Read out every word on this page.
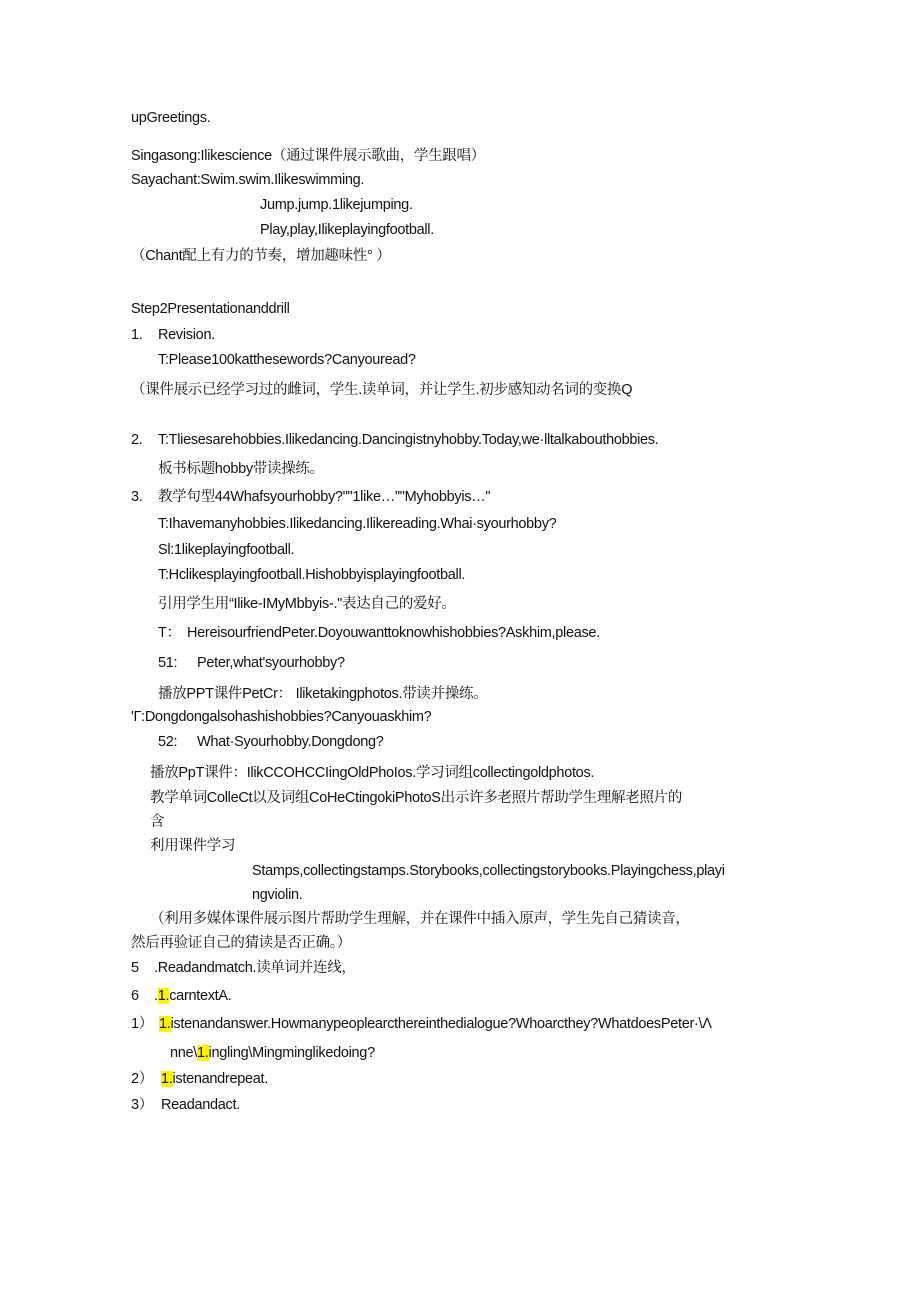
upGreetings.
Singasong:Ilikescience（通过课件展示歌曲，学生跟唱）
Sayachant:Swim.swim.Ilikeswimming.
Jump.jump.1likejumping.
Play,play,Ilikeplayingfootball.
（Chant配上有力的节奏，增加趣味性° ）
Step2Presentationanddrill
1. Revision.
T:Please100katthesewords?Canyouread?
（课件展示已经学习过的雌词，学生.读单词，并让学生.初步感知动名词的变换Q
2. T:Tliesesarehobbies.Ilikedancing.Dancingistnyhobby.Today,we·lltalkabouthobbies.
板书标题hobby带读操练。
3. 教学句型44Whafsyourhobby?""1like…""Myhobbyis…"
T:Ihavemanyhobbies.Ilikedancing.Ilikereading.Whai·syourhobby?
Sl:1likeplayingfootball.
T:Hclikesplayingfootball.Hishobbyisplayingfootball.
引用学生用“Ilike-IMyMbbyis-."表达自己的爱好。
T： HereisourfriendPeter.Doyouwanttoknowhishobbies?Askhim,please.
51: Peter,what'syourhobby?
播放PPT课件PetCr： Iliketakingphotos.带读并操练。
'Γ:Dongdongalsohashishobbies?Canyouaskhim?
52: What·Syourhobby.Dongdong?
播放PpT课件：IlikCCOHCCIingOldPhoIos.学习词组collectingoldphotos.
教学单词ColleCt以及词组CoHeCtingokiPhotoS出示许多老照片帮助学生理解老照片的
含
利用课件学习
Stamps,collectingstamps.Storybooks,collectingstorybooks.Playingchess,playi
ngviolin.
（利用多媒体课件展示图片帮助学生理解，并在课件中插入原声，学生先自己猜读音，
然后再验证自己的猜读是否正确。）
5 .Readandmatch.读单词并连线，
6 .1.carntextA.
1） 1.istenandanswer.Howmanypeoplearcthereinthedialogue?Whoarcthey?WhatdoesPeter·\Λ
nne\1.ingling\Mingminglikedoing?
2） 1.istenandrepeat.
3） Readandact.
